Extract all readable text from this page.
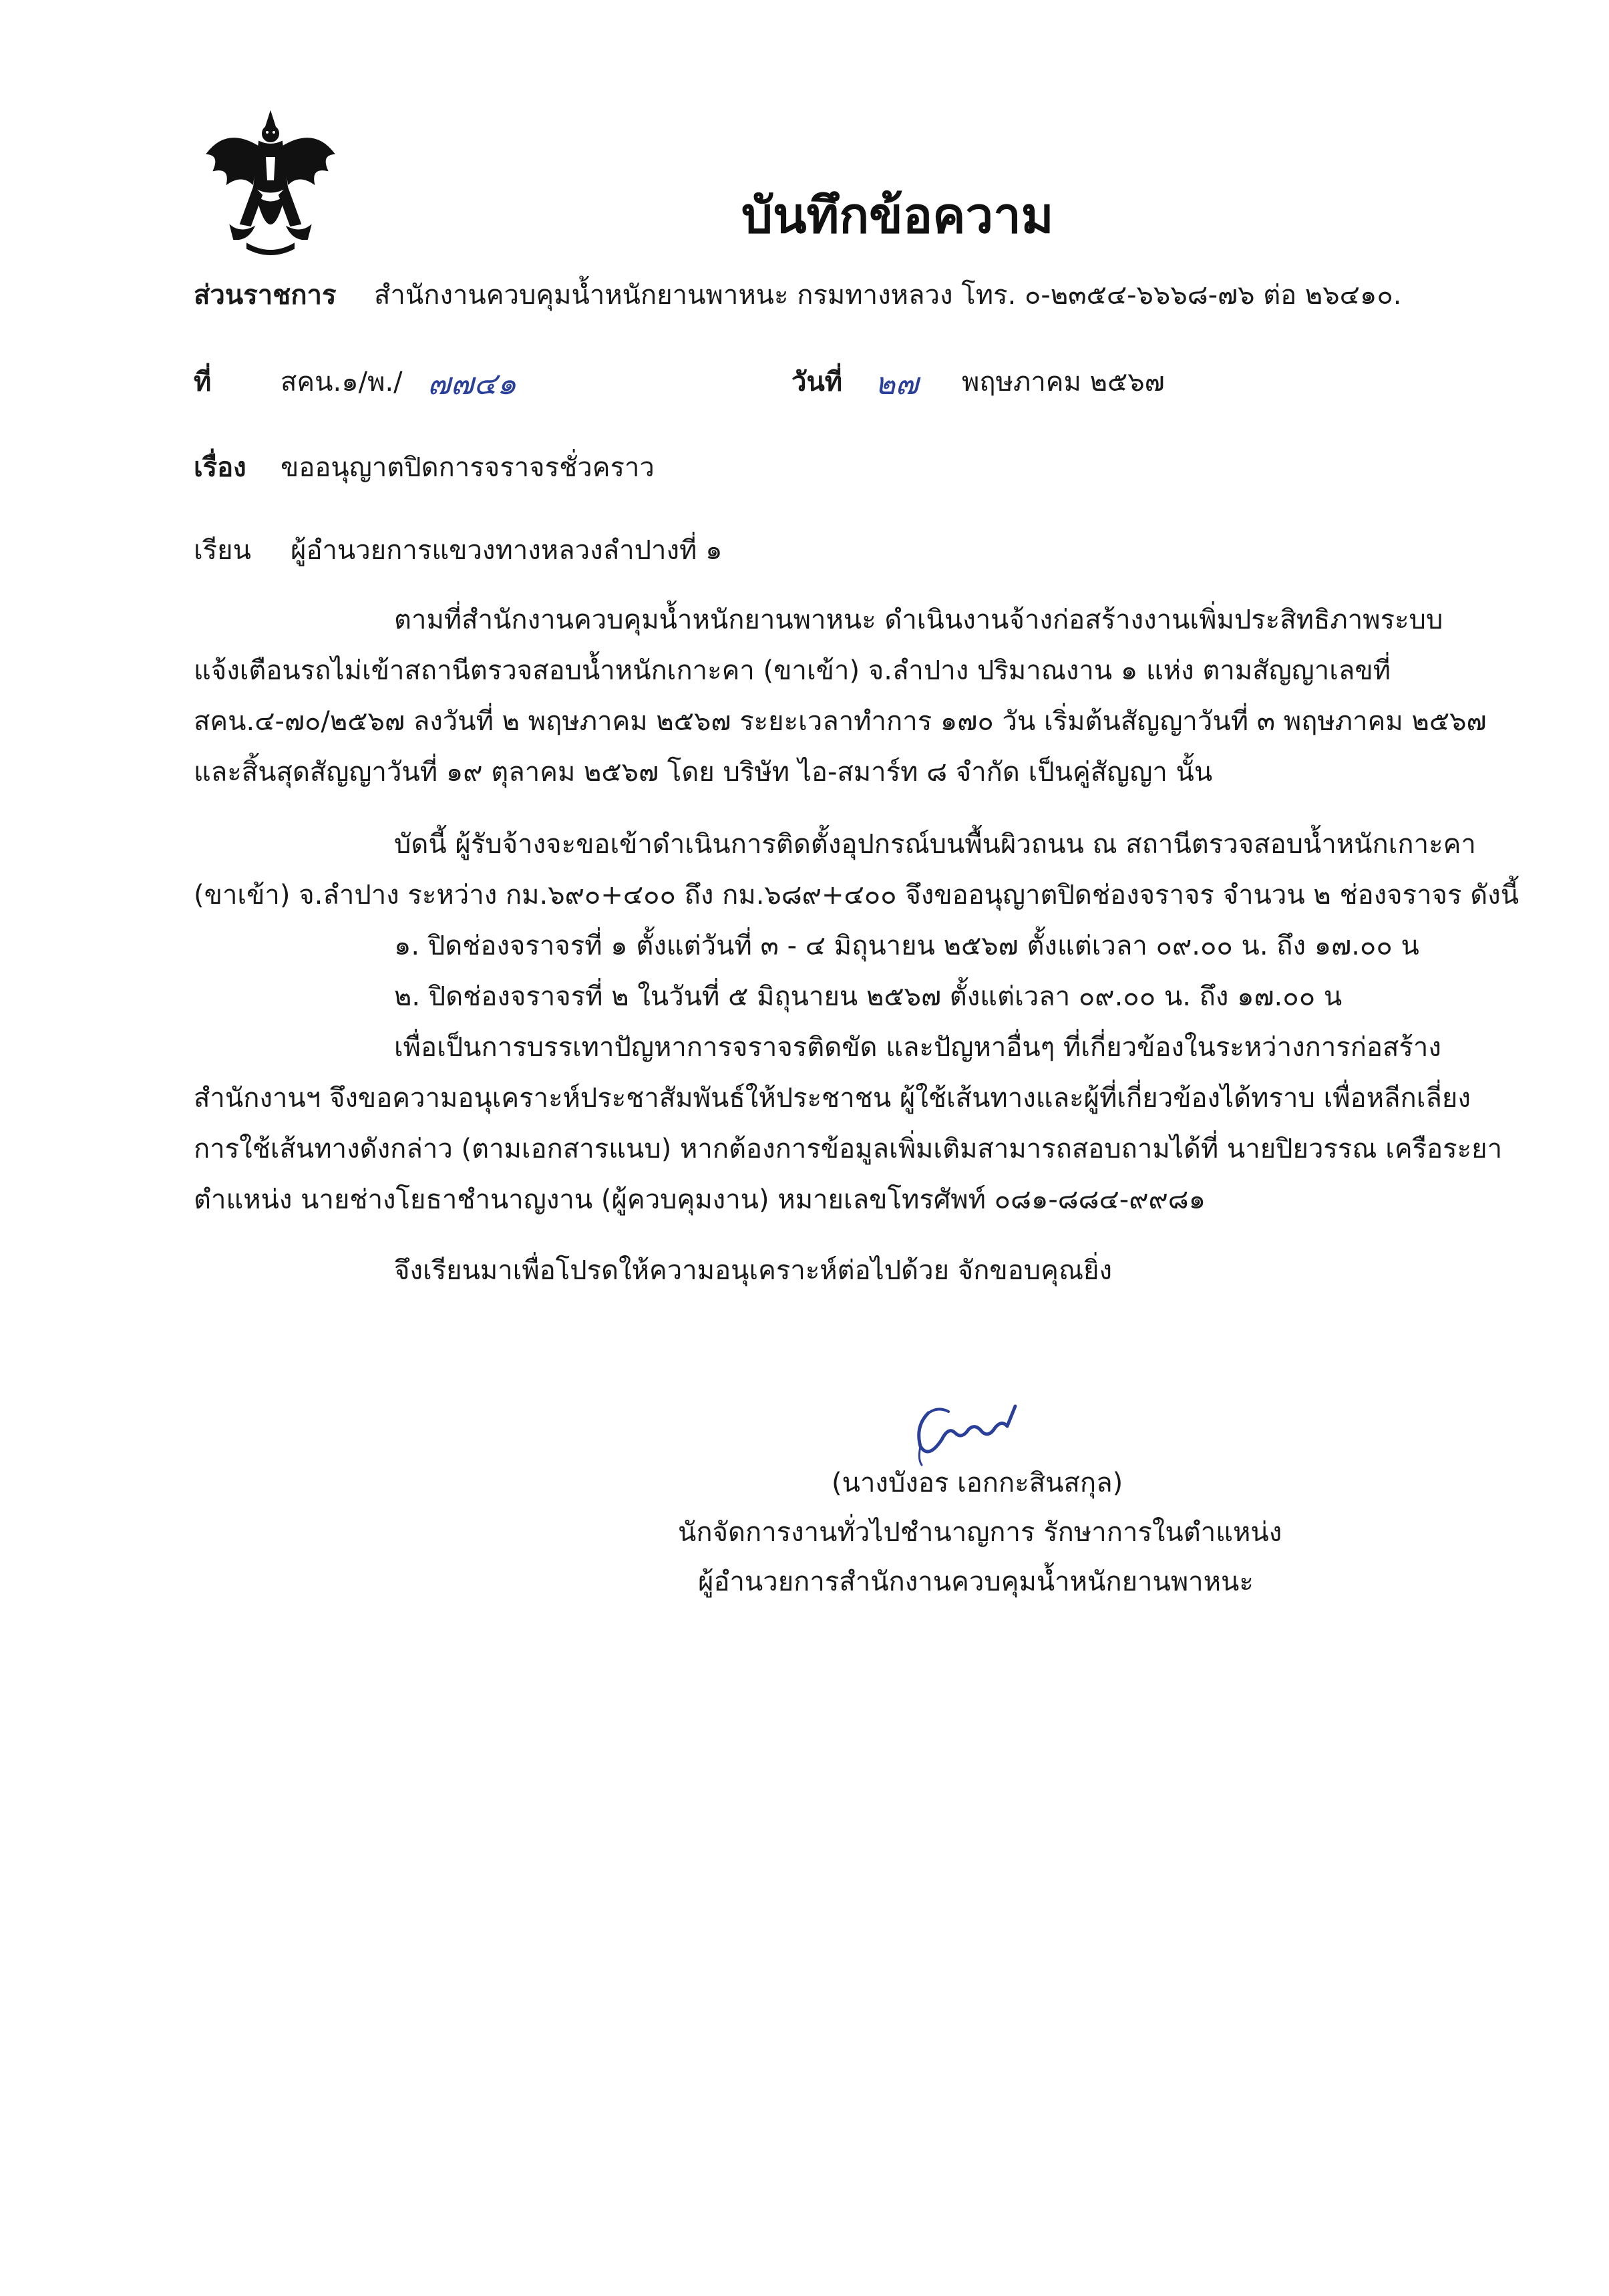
บันทึกข้อความ
ส่วนราชการ สำนักงานควบคุมน้ำหนักยานพาหนะ กรมทางหลวง โทร. ๐-๒๓๕๔-๖๖๖๘-๗๖ ต่อ ๒๖๔๑๐.
ที่	สคน.๑/พ./ ๗๗๔๑	วันที่ ๒๗ พฤษภาคม ๒๕๖๗
เรื่อง ขออนุญาตปิดการจราจรชั่วคราว
เรียน ผู้อำนวยการแขวงทางหลวงลำปางที่ ๑
ตามที่สำนักงานควบคุมน้ำหนักยานพาหนะ ดำเนินงานจ้างก่อสร้างงานเพิ่มประสิทธิภาพระบบ
แจ้งเตือนรถไม่เข้าสถานีตรวจสอบน้ำหนักเกาะคา (ขาเข้า) จ.ลำปาง ปริมาณงาน ๑ แห่ง ตามสัญญาเลขที่
สคน.๔-๗๐/๒๕๖๗ ลงวันที่ ๒ พฤษภาคม ๒๕๖๗ ระยะเวลาทำการ ๑๗๐ วัน เริ่มต้นสัญญาวันที่ ๓ พฤษภาคม ๒๕๖๗
และสิ้นสุดสัญญาวันที่ ๑๙ ตุลาคม ๒๕๖๗ โดย บริษัท ไอ-สมาร์ท ๘ จำกัด เป็นคู่สัญญา นั้น
บัดนี้ ผู้รับจ้างจะขอเข้าดำเนินการติดตั้งอุปกรณ์บนพื้นผิวถนน ณ สถานีตรวจสอบน้ำหนักเกาะคา
(ขาเข้า) จ.ลำปาง ระหว่าง กม.๖๙๐+๔๐๐ ถึง กม.๖๘๙+๔๐๐ จึงขออนุญาตปิดช่องจราจร จำนวน ๒ ช่องจราจร ดังนี้
๑. ปิดช่องจราจรที่ ๑ ตั้งแต่วันที่ ๓ - ๔ มิถุนายน ๒๕๖๗ ตั้งแต่เวลา ๐๙.๐๐ น. ถึง ๑๗.๐๐ น
๒. ปิดช่องจราจรที่ ๒ ในวันที่ ๕ มิถุนายน ๒๕๖๗ ตั้งแต่เวลา ๐๙.๐๐ น. ถึง ๑๗.๐๐ น
เพื่อเป็นการบรรเทาปัญหาการจราจรติดขัด และปัญหาอื่นๆ ที่เกี่ยวข้องในระหว่างการก่อสร้าง
สำนักงานฯ จึงขอความอนุเคราะห์ประชาสัมพันธ์ให้ประชาชน ผู้ใช้เส้นทางและผู้ที่เกี่ยวข้องได้ทราบ เพื่อหลีกเลี่ยง
การใช้เส้นทางดังกล่าว (ตามเอกสารแนบ) หากต้องการข้อมูลเพิ่มเติมสามารถสอบถามได้ที่ นายปิยวรรณ เครือระยา
ตำแหน่ง นายช่างโยธาชำนาญงาน (ผู้ควบคุมงาน) หมายเลขโทรศัพท์ ๐๘๑-๘๘๔-๙๙๘๑
จึงเรียนมาเพื่อโปรดให้ความอนุเคราะห์ต่อไปด้วย จักขอบคุณยิ่ง
(นางบังอร เอกกะสินสกุล)
นักจัดการงานทั่วไปชำนาญการ รักษาการในตำแหน่ง
ผู้อำนวยการสำนักงานควบคุมน้ำหนักยานพาหนะ
